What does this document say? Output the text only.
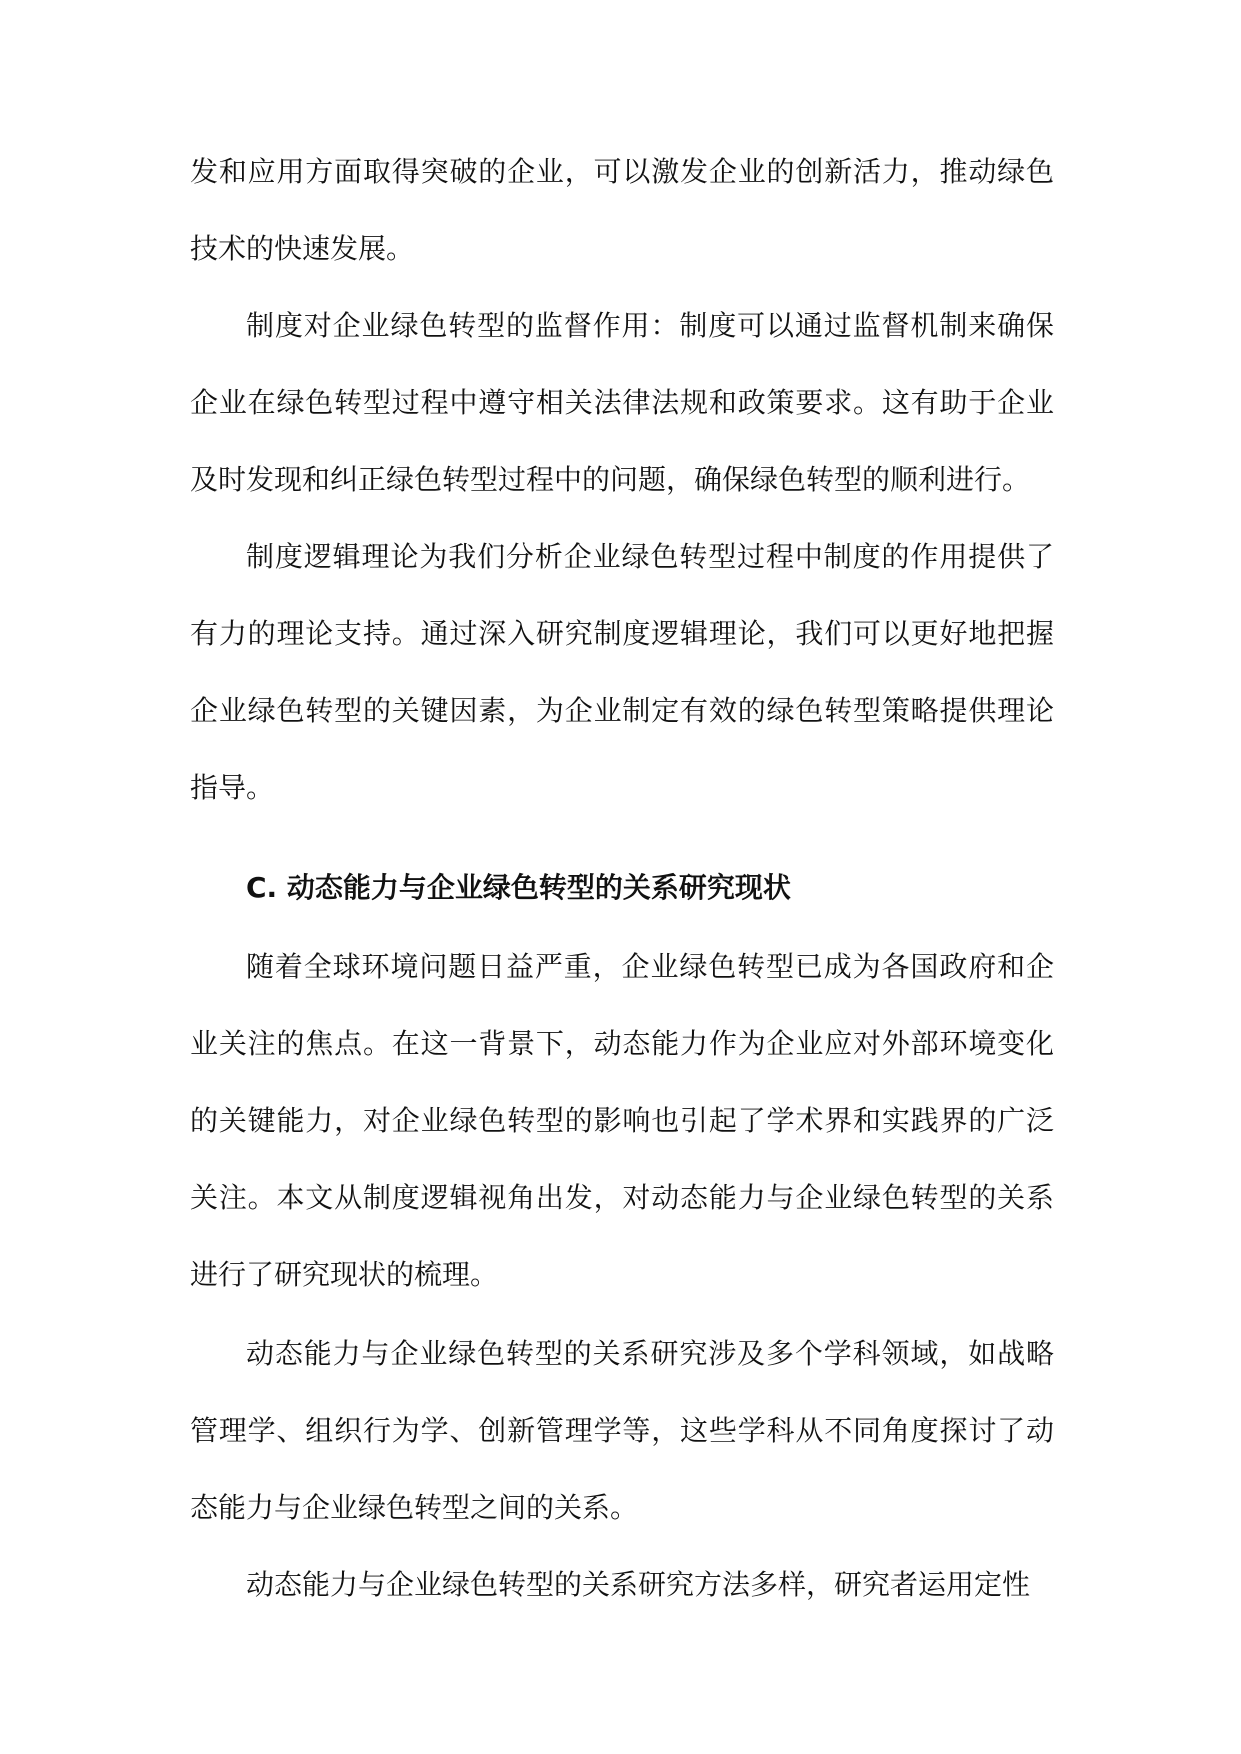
发和应用方面取得突破的企业，可以激发企业的创新活力，推动绿色技术的快速发展。

制度对企业绿色转型的监督作用：制度可以通过监督机制来确保企业在绿色转型过程中遵守相关法律法规和政策要求。这有助于企业及时发现和纠正绿色转型过程中的问题，确保绿色转型的顺利进行。

制度逻辑理论为我们分析企业绿色转型过程中制度的作用提供了有力的理论支持。通过深入研究制度逻辑理论，我们可以更好地把握企业绿色转型的关键因素，为企业制定有效的绿色转型策略提供理论指导。

C. 动态能力与企业绿色转型的关系研究现状

随着全球环境问题日益严重，企业绿色转型已成为各国政府和企业关注的焦点。在这一背景下，动态能力作为企业应对外部环境变化的关键能力，对企业绿色转型的影响也引起了学术界和实践界的广泛关注。本文从制度逻辑视角出发，对动态能力与企业绿色转型的关系进行了研究现状的梳理。

动态能力与企业绿色转型的关系研究涉及多个学科领域，如战略管理学、组织行为学、创新管理学等，这些学科从不同角度探讨了动态能力与企业绿色转型之间的关系。

动态能力与企业绿色转型的关系研究方法多样，研究者运用定性
